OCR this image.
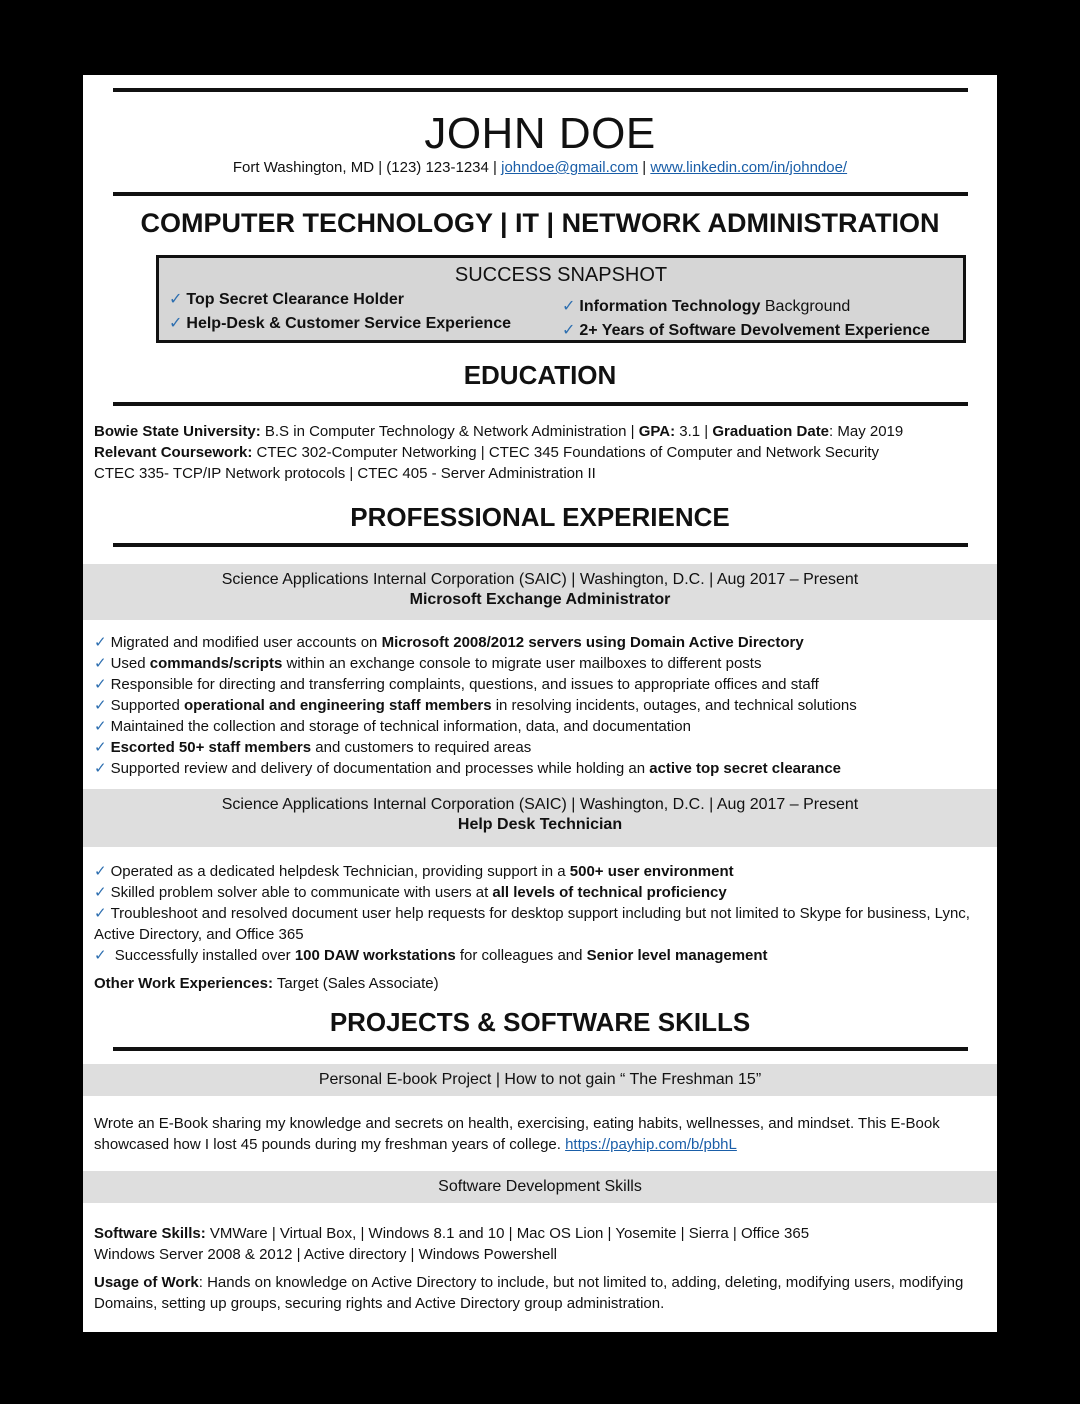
JOHN DOE
Fort Washington, MD | (123) 123-1234 | johndoe@gmail.com | www.linkedin.com/in/johndoe/
COMPUTER TECHNOLOGY | IT | NETWORK ADMINISTRATION
SUCCESS SNAPSHOT
✓ Top Secret Clearance Holder
✓ Help-Desk & Customer Service Experience
✓ Information Technology Background
✓ 2+ Years of Software Devolvement Experience
EDUCATION
Bowie State University: B.S in Computer Technology & Network Administration | GPA: 3.1 | Graduation Date: May 2019
Relevant Coursework: CTEC 302-Computer Networking | CTEC 345 Foundations of Computer and Network Security
CTEC 335- TCP/IP Network protocols | CTEC 405 - Server Administration II
PROFESSIONAL EXPERIENCE
Science Applications Internal Corporation (SAIC) | Washington, D.C. | Aug 2017 – Present
Microsoft Exchange Administrator
✓ Migrated and modified user accounts on Microsoft 2008/2012 servers using Domain Active Directory
✓ Used commands/scripts within an exchange console to migrate user mailboxes to different posts
✓ Responsible for directing and transferring complaints, questions, and issues to appropriate offices and staff
✓ Supported operational and engineering staff members in resolving incidents, outages, and technical solutions
✓ Maintained the collection and storage of technical information, data, and documentation
✓ Escorted 50+ staff members and customers to required areas
✓ Supported review and delivery of documentation and processes while holding an active top secret clearance
Science Applications Internal Corporation (SAIC) | Washington, D.C. | Aug 2017 – Present
Help Desk Technician
✓ Operated as a dedicated helpdesk Technician, providing support in a 500+ user environment
✓ Skilled problem solver able to communicate with users at all levels of technical proficiency
✓ Troubleshoot and resolved document user help requests for desktop support including but not limited to Skype for business, Lync, Active Directory, and Office 365
✓ Successfully installed over 100 DAW workstations for colleagues and Senior level management
Other Work Experiences: Target (Sales Associate)
PROJECTS & SOFTWARE SKILLS
Personal E-book Project | How to not gain “ The Freshman 15”
Wrote an E-Book sharing my knowledge and secrets on health, exercising, eating habits, wellnesses, and mindset. This E-Book showcased how I lost 45 pounds during my freshman years of college. https://payhip.com/b/pbhL
Software Development Skills
Software Skills: VMWare | Virtual Box, | Windows 8.1 and 10 | Mac OS Lion | Yosemite | Sierra | Office 365
Windows Server 2008 & 2012 | Active directory | Windows Powershell
Usage of Work: Hands on knowledge on Active Directory to include, but not limited to, adding, deleting, modifying users, modifying Domains, setting up groups, securing rights and Active Directory group administration.
